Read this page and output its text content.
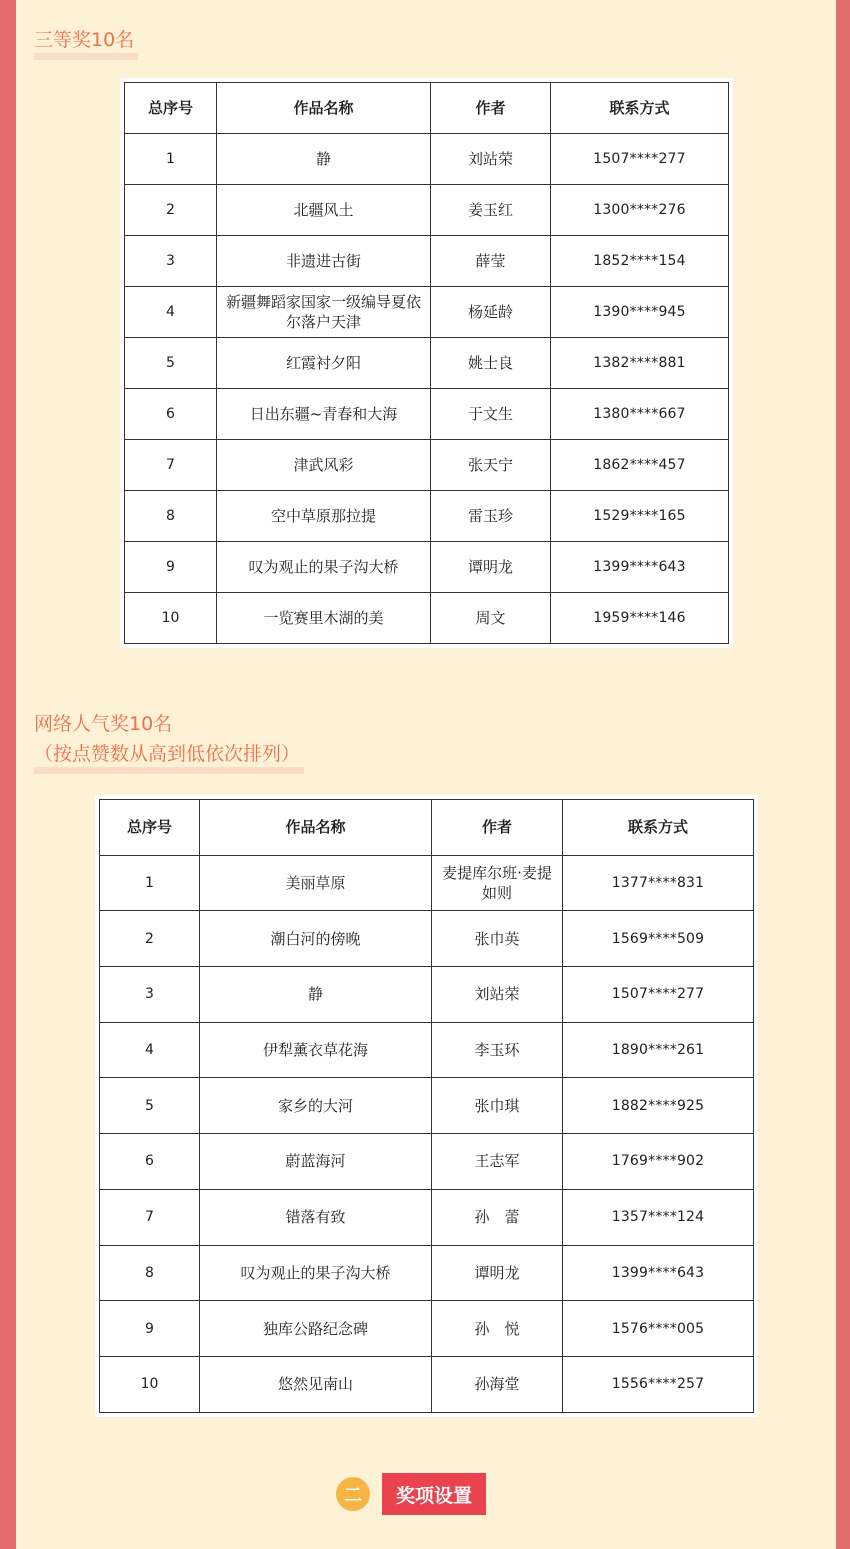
三等奖10名
总序号	作品名称	作者	联系方式
1	静	刘站荣	1507****277
2	北疆风土	姜玉红	1300****276
3	非遗进古街	薛莹	1852****154
4	新疆舞蹈家国家一级编导夏依尔落户天津	杨延龄	1390****945
5	红霞衬夕阳	姚士良	1382****881
6	日出东疆~青春和大海	于文生	1380****667
7	津武风彩	张天宁	1862****457
8	空中草原那拉提	雷玉珍	1529****165
9	叹为观止的果子沟大桥	谭明龙	1399****643
10	一览赛里木湖的美	周文	1959****146
网络人气奖10名
（按点赞数从高到低依次排列）
总序号	作品名称	作者	联系方式
1	美丽草原	麦提库尔班·麦提如则	1377****831
2	潮白河的傍晚	张巾英	1569****509
3	静	刘站荣	1507****277
4	伊犁薰衣草花海	李玉环	1890****261
5	家乡的大河	张巾琪	1882****925
6	蔚蓝海河	王志军	1769****902
7	错落有致	孙　蕾	1357****124
8	叹为观止的果子沟大桥	谭明龙	1399****643
9	独库公路纪念碑	孙　悦	1576****005
10	悠然见南山	孙海堂	1556****257
二	奖项设置
